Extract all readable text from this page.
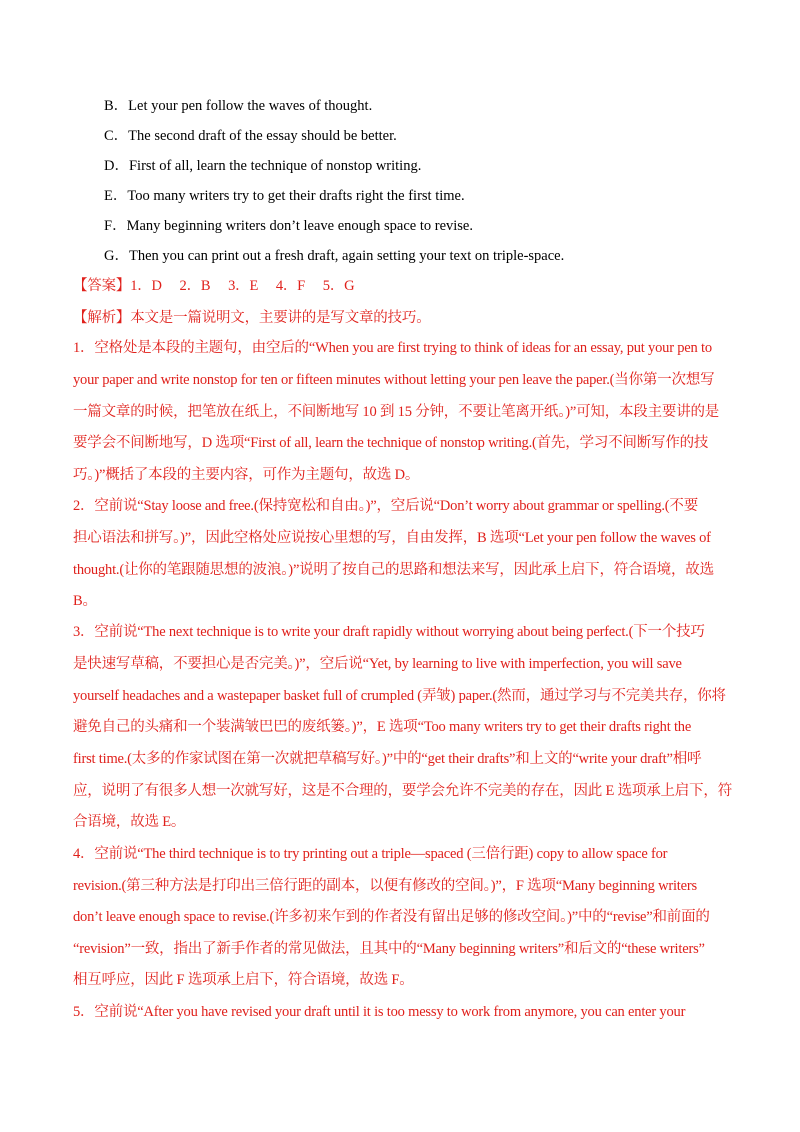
B．Let your pen follow the waves of thought.
C．The second draft of the essay should be better.
D．First of all, learn the technique of nonstop writing.
E．Too many writers try to get their drafts right the first time.
F．Many beginning writers don’t leave enough space to revise.
G．Then you can print out a fresh draft, again setting your text on triple-space.
【答案】1．D　 2．B　 3．E　 4．F　 5．G
【解析】本文是一篇说明文，主要讲的是写文章的技巧。
1．空格处是本段的主题句，由空后的“When you are first trying to think of ideas for an essay, put your pen to
your paper and write nonstop for ten or fifteen minutes without letting your pen leave the paper.(当你第一次想写
一篇文章的时候，把笔放在纸上，不间断地写 10 到 15 分钟，不要让笔离开纸。)”可知，本段主要讲的是
要学会不间断地写，D 选项“First of all, learn the technique of nonstop writing.(首先，学习不间断写作的技
巧。)”概括了本段的主要内容，可作为主题句，故选 D。
2．空前说“Stay loose and free.(保持宽松和自由。)”，空后说“Don’t worry about grammar or spelling.(不要
担心语法和拼写。)”，因此空格处应说按心里想的写，自由发挥，B 选项“Let your pen follow the waves of
thought.(让你的笔跟随思想的波浪。)”说明了按自己的思路和想法来写，因此承上启下，符合语境，故选
B。
3．空前说“The next technique is to write your draft rapidly without worrying about being perfect.(下一个技巧
是快速写草稿，不要担心是否完美。)”，空后说“Yet, by learning to live with imperfection, you will save
yourself headaches and a wastepaper basket full of crumpled (弄皱) paper.(然而，通过学习与不完美共存，你将
避免自己的头痛和一个装满皱巴巴的废纸篓。)”，E 选项“Too many writers try to get their drafts right the
first time.(太多的作家试图在第一次就把草稿写好。)”中的“get their drafts”和上文的“write your draft”相呼
应，说明了有很多人想一次就写好，这是不合理的，要学会允许不完美的存在，因此 E 选项承上启下，符
合语境，故选 E。
4．空前说“The third technique is to try printing out a triple—spaced (三倍行距) copy to allow space for
revision.(第三种方法是打印出三倍行距的副本，以便有修改的空间。)”，F 选项“Many beginning writers
don’t leave enough space to revise.(许多初来乍到的作者没有留出足够的修改空间。)”中的“revise”和前面的
“revision”一致，指出了新手作者的常见做法，且其中的“Many beginning writers”和后文的“these writers”
相互呼应，因此 F 选项承上启下，符合语境，故选 F。
5．空前说“After you have revised your draft until it is too messy to work from anymore, you can enter your
